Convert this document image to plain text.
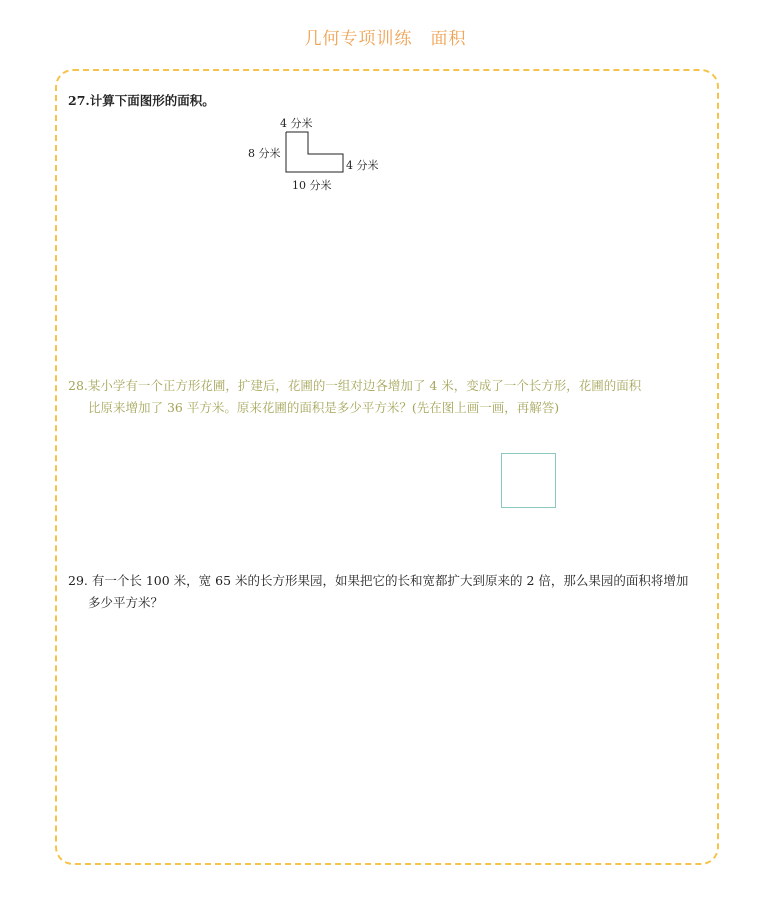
几何专项训练　面积
27.计算下面图形的面积。
4 分米
8 分米
4 分米
10 分米
28.某小学有一个正方形花圃，扩建后，花圃的一组对边各增加了 4 米，变成了一个长方形，花圃的面积
比原来增加了 36 平方米。原来花圃的面积是多少平方米？(先在图上画一画，再解答)
29. 有一个长 100 米，宽 65 米的长方形果园，如果把它的长和宽都扩大到原来的 2 倍，那么果园的面积将增加
多少平方米？
